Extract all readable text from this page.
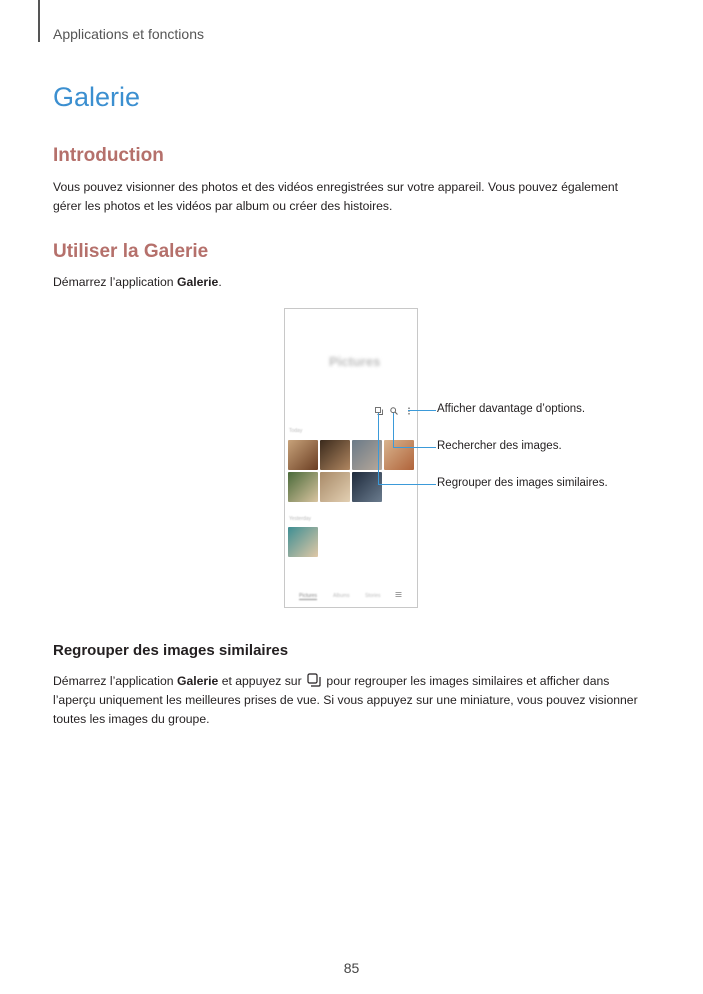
Applications et fonctions
Galerie
Introduction

Vous pouvez visionner des photos et des vidéos enregistrées sur votre appareil. Vous pouvez également
gérer les photos et les vidéos par album ou créer des histoires.

Utiliser la Galerie

Démarrez l’application Galerie.

Pictures
Today
Yesterday
Pictures	Albums	Stories
Afficher davantage d’options.
Rechercher des images.
Regrouper des images similaires.
Regrouper des images similaires

Démarrez l’application Galerie et appuyez sur  pour regrouper les images similaires et afficher dans
l’aperçu uniquement les meilleures prises de vue. Si vous appuyez sur une miniature, vous pouvez visionner
toutes les images du groupe.

85
